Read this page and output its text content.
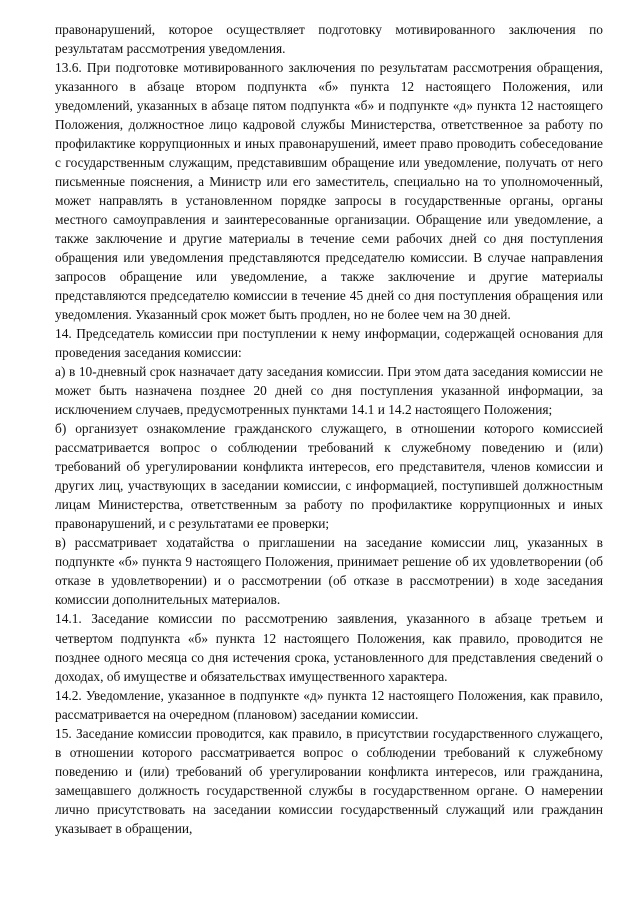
правонарушений, которое осуществляет подготовку мотивированного заключения по результатам рассмотрения уведомления.

13.6. При подготовке мотивированного заключения по результатам рассмотрения обращения, указанного в абзаце втором подпункта «б» пункта 12 настоящего Положения, или уведомлений, указанных в абзаце пятом подпункта «б» и подпункте «д» пункта 12 настоящего Положения, должностное лицо кадровой службы Министерства, ответственное за работу по профилактике коррупционных и иных правонарушений, имеет право проводить собеседование с государственным служащим, представившим обращение или уведомление, получать от него письменные пояснения, а Министр или его заместитель, специально на то уполномоченный, может направлять в установленном порядке запросы в государственные органы, органы местного самоуправления и заинтересованные организации. Обращение или уведомление, а также заключение и другие материалы в течение семи рабочих дней со дня поступления обращения или уведомления представляются председателю комиссии. В случае направления запросов обращение или уведомление, а также заключение и другие материалы представляются председателю комиссии в течение 45 дней со дня поступления обращения или уведомления. Указанный срок может быть продлен, но не более чем на 30 дней.

14. Председатель комиссии при поступлении к нему информации, содержащей основания для проведения заседания комиссии:

а) в 10-дневный срок назначает дату заседания комиссии. При этом дата заседания комиссии не может быть назначена позднее 20 дней со дня поступления указанной информации, за исключением случаев, предусмотренных пунктами 14.1 и 14.2 настоящего Положения;

б) организует ознакомление гражданского служащего, в отношении которого комиссией рассматривается вопрос о соблюдении требований к служебному поведению и (или) требований об урегулировании конфликта интересов, его представителя, членов комиссии и других лиц, участвующих в заседании комиссии, с информацией, поступившей должностным лицам Министерства, ответственным за работу по профилактике коррупционных и иных правонарушений, и с результатами ее проверки;

в) рассматривает ходатайства о приглашении на заседание комиссии лиц, указанных в подпункте «б» пункта 9 настоящего Положения, принимает решение об их удовлетворении (об отказе в удовлетворении) и о рассмотрении (об отказе в рассмотрении) в ходе заседания комиссии дополнительных материалов.

14.1. Заседание комиссии по рассмотрению заявления, указанного в абзаце третьем и четвертом подпункта «б» пункта 12 настоящего Положения, как правило, проводится не позднее одного месяца со дня истечения срока, установленного для представления сведений о доходах, об имуществе и обязательствах имущественного характера.

14.2. Уведомление, указанное в подпункте «д» пункта 12 настоящего Положения, как правило, рассматривается на очередном (плановом) заседании комиссии.

15. Заседание комиссии проводится, как правило, в присутствии государственного служащего, в отношении которого рассматривается вопрос о соблюдении требований к служебному поведению и (или) требований об урегулировании конфликта интересов, или гражданина, замещавшего должность государственной службы в государственном органе. О намерении лично присутствовать на заседании комиссии государственный служащий или гражданин указывает в обращении,
